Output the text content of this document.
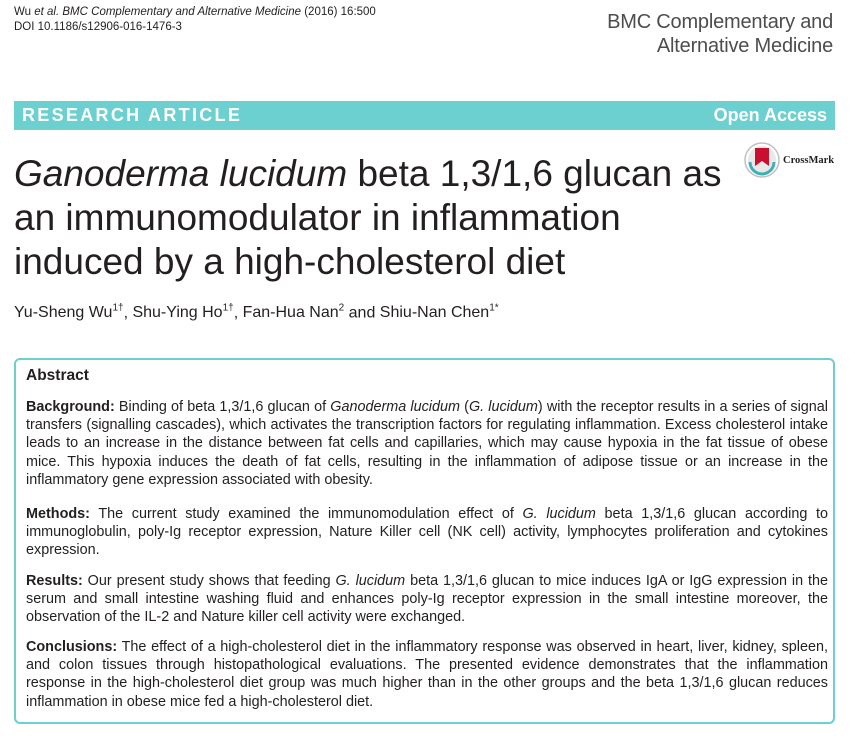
Wu et al. BMC Complementary and Alternative Medicine (2016) 16:500
DOI 10.1186/s12906-016-1476-3	BMC Complementary and
Alternative Medicine
RESEARCH ARTICLE	Open Access
CrossMark
Ganoderma lucidum beta 1,3/1,6 glucan as
an immunomodulator in inflammation
induced by a high-cholesterol diet
Yu-Sheng $Wu^{1\dagger}$, Shu-Ying $Ho^{1\dagger}$, Fan-Hua Nan$^2$ and Shiu-Nan Chen$^{1*}$
Abstract

Background: Binding of beta 1,3/1,6 glucan of Ganoderma lucidum (G. lucidum) with the receptor results in a series of signal transfers (signalling cascades), which activates the transcription factors for regulating inflammation. Excess cholesterol intake leads to an increase in the distance between fat cells and capillaries, which may cause hypoxia in the fat tissue of obese mice. This hypoxia induces the death of fat cells, resulting in the inflammation of adipose tissue or an increase in the inflammatory gene expression associated with obesity.

Methods: The current study examined the immunomodulation effect of G. lucidum beta 1,3/1,6 glucan according to immunoglobulin, poly-Ig receptor expression, Nature Killer cell (NK cell) activity, lymphocytes proliferation and cytokines expression.

Results: Our present study shows that feeding G. lucidum beta 1,3/1,6 glucan to mice induces IgA or IgG expression in the serum and small intestine washing fluid and enhances poly-Ig receptor expression in the small intestine moreover, the observation of the IL-2 and Nature killer cell activity were exchanged.

Conclusions: The effect of a high-cholesterol diet in the inflammatory response was observed in heart, liver, kidney, spleen, and colon tissues through histopathological evaluations. The presented evidence demonstrates that the inflammation response in the high-cholesterol diet group was much higher than in the other groups and the beta 1,3/1,6 glucan reduces inflammation in obese mice fed a high-cholesterol diet.
